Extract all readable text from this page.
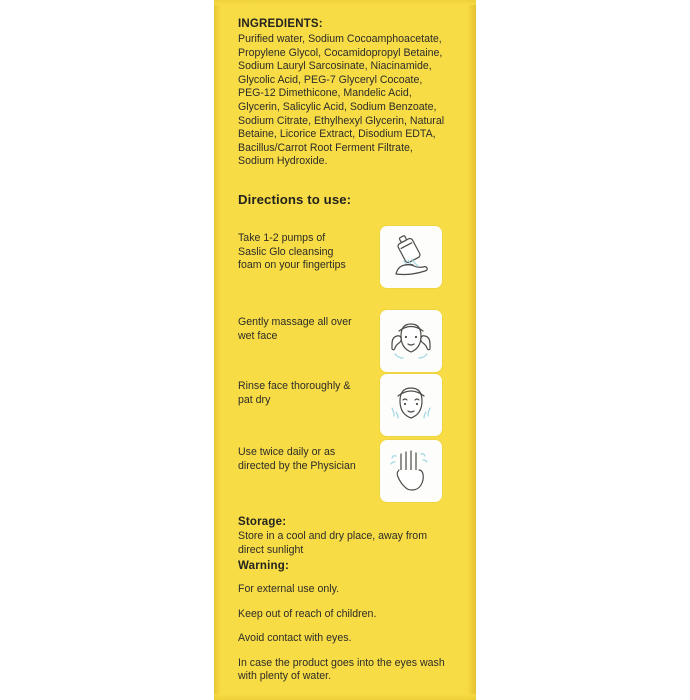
INGREDIENTS:
Purified water, Sodium Cocoamphoacetate, Propylene Glycol, Cocamidopropyl Betaine, Sodium Lauryl Sarcosinate, Niacinamide, Glycolic Acid, PEG-7 Glyceryl Cocoate, PEG-12 Dimethicone, Mandelic Acid, Glycerin, Salicylic Acid, Sodium Benzoate, Sodium Citrate, Ethylhexyl Glycerin, Natural Betaine, Licorice Extract, Disodium EDTA, Bacillus/Carrot Root Ferment Filtrate, Sodium Hydroxide.
Directions to use:
Take 1-2 pumps of Saslic Glo cleansing foam on your fingertips
Gently massage all over wet face
Rinse face thoroughly & pat dry
Use twice daily or as directed by the Physician
Storage:
Store in a cool and dry place, away from direct sunlight
Warning:
For external use only.
Keep out of reach of children.
Avoid contact with eyes.
In case the product goes into the eyes wash with plenty of water.
